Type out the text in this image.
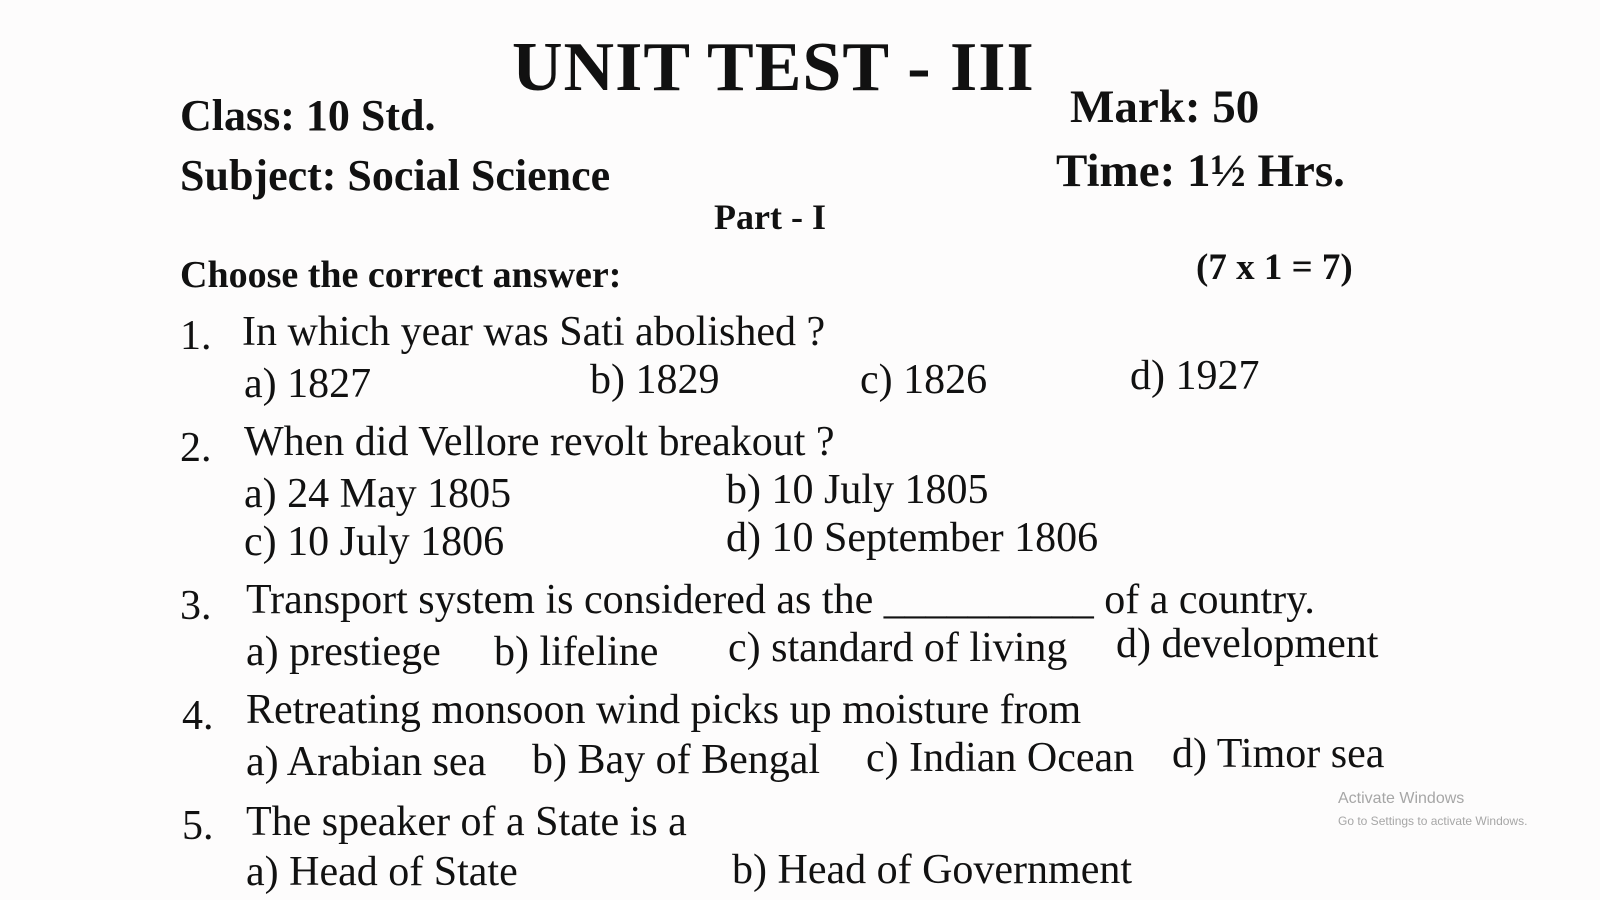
UNIT TEST - III
Class: 10 Std.
Subject: Social Science
Mark: 50
Time: 1½ Hrs.
Part - I
Choose the correct answer:	(7 x 1 = 7)
1. In which year was Sati abolished ?
a) 1827	b) 1829	c) 1826	d) 1927
2. When did Vellore revolt breakout ?
a) 24 May 1805	b) 10 July 1805
c) 10 July 1806	d) 10 September 1806
3. Transport system is considered as the __________ of a country.
a) prestiege b) lifeline c) standard of living d) development
4. Retreating monsoon wind picks up moisture from
a) Arabian sea b) Bay of Bengal c) Indian Ocean d) Timor sea
5. The speaker of a State is a
a) Head of State	b) Head of Government
Activate Windows
Go to Settings to activate Windows.
